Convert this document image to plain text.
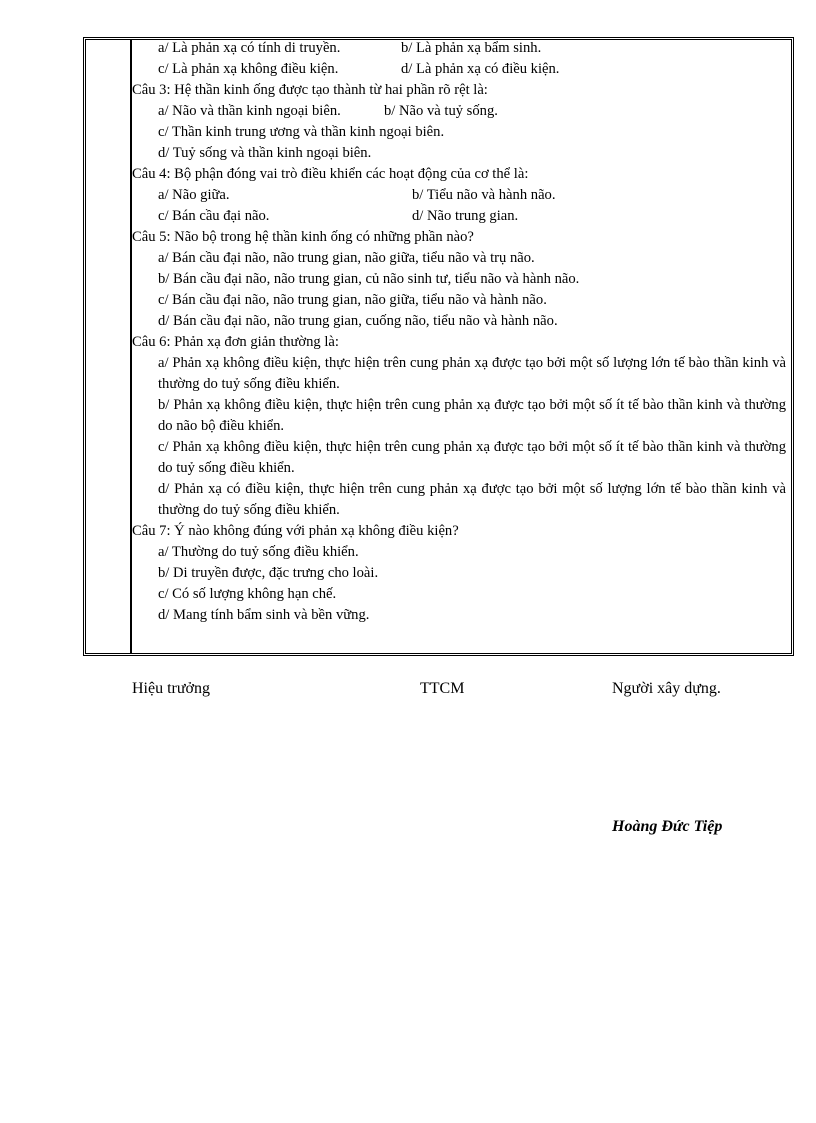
a/ Là phản xạ có tính di truyền.	b/ Là phản xạ bẩm sinh.
c/ Là phản xạ không điều kiện.	d/ Là phản xạ có điều kiện.
Câu 3: Hệ thần kinh ống được tạo thành từ hai phần rõ rệt là:
a/ Não và thần kinh ngoại biên.	b/ Não và tuỷ sống.
c/ Thần kinh trung ương và thần kinh ngoại biên.
d/ Tuỷ sống và thần kinh ngoại biên.
Câu 4: Bộ phận đóng vai trò điều khiển các hoạt động của cơ thể là:
a/ Não giữa.	b/ Tiểu não và hành não.
c/ Bán cầu đại não.	d/ Não trung gian.
Câu 5: Não bộ trong hệ thần kinh ống có những phần nào?
a/ Bán cầu đại não, não trung gian, não giữa, tiểu não và trụ não.
b/ Bán cầu đại não, não trung gian, củ não sinh tư, tiểu não và hành não.
c/ Bán cầu đại não, não trung gian, não giữa, tiểu não và hành não.
d/ Bán cầu đại não, não trung gian, cuống não, tiểu não và hành não.
Câu 6: Phản xạ đơn giản thường là:
a/ Phản xạ không điều kiện, thực hiện trên cung phản xạ được tạo bởi một số lượng lớn tế bào thần kinh và thường do tuỷ sống điều khiển.
b/ Phản xạ không điều kiện, thực hiện trên cung phản xạ được tạo bởi một số ít tế bào thần kinh và thường do não bộ điều khiển.
c/ Phản xạ không điều kiện, thực hiện trên cung phản xạ được tạo bởi một số ít tế bào thần kinh và thường do tuỷ sống điều khiển.
d/ Phản xạ có điều kiện, thực hiện trên cung phản xạ được tạo bởi một số lượng lớn tế bào thần kinh và thường do tuỷ sống điều khiển.
Câu 7: Ý nào không đúng với phản xạ không điều kiện?
a/ Thường do tuỷ sống điều khiển.
b/ Di truyền được, đặc trưng cho loài.
c/ Có số lượng không hạn chế.
d/ Mang tính bẩm sinh và bền vững.
Hiệu trưởng	TTCM	Người xây dựng.
Hoàng Đức Tiệp
